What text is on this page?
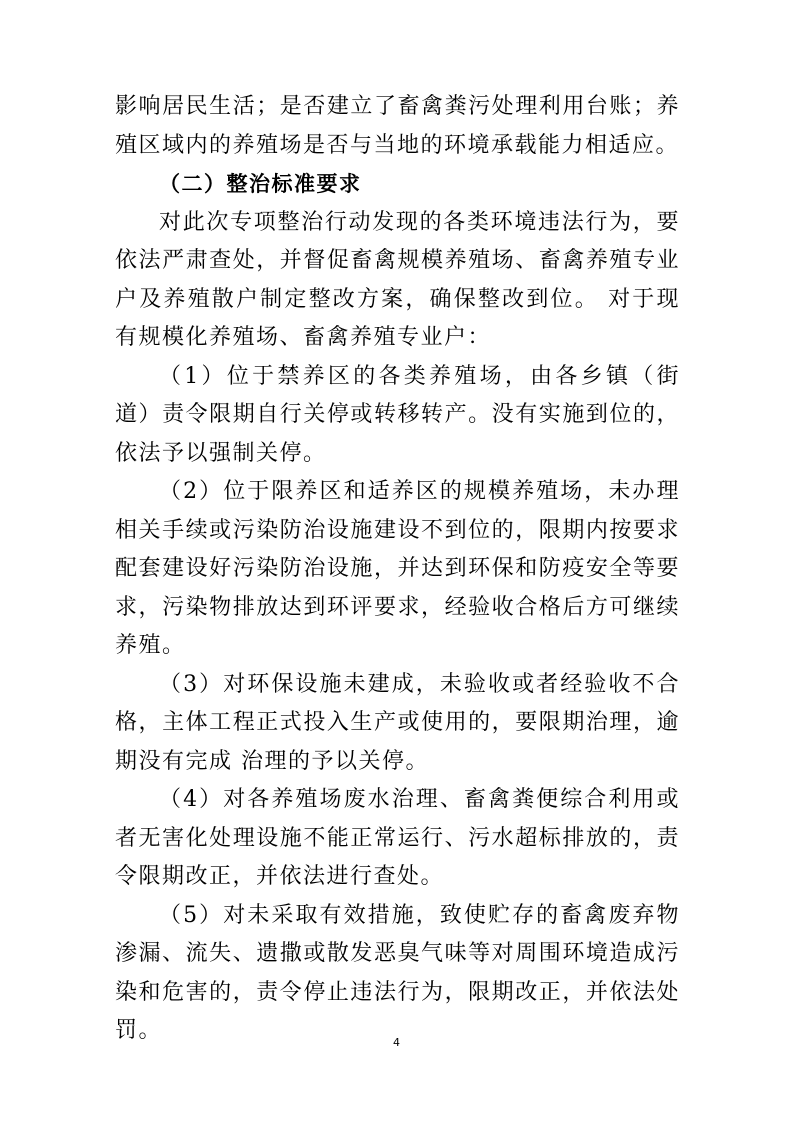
影响居民生活；是否建立了畜禽粪污处理利用台账；养殖区域内的养殖场是否与当地的环境承载能力相适应。

（二）整治标准要求

对此次专项整治行动发现的各类环境违法行为，要依法严肃查处，并督促畜禽规模养殖场、畜禽养殖专业户及养殖散户制定整改方案，确保整改到位。 对于现有规模化养殖场、畜禽养殖专业户：

（1）位于禁养区的各类养殖场，由各乡镇（街道）责令限期自行关停或转移转产。没有实施到位的，依法予以强制关停。

（2）位于限养区和适养区的规模养殖场，未办理相关手续或污染防治设施建设不到位的，限期内按要求配套建设好污染防治设施，并达到环保和防疫安全等要求，污染物排放达到环评要求，经验收合格后方可继续养殖。

（3）对环保设施未建成，未验收或者经验收不合格，主体工程正式投入生产或使用的，要限期治理，逾期没有完成 治理的予以关停。

（4）对各养殖场废水治理、畜禽粪便综合利用或者无害化处理设施不能正常运行、污水超标排放的，责令限期改正，并依法进行查处。

（5）对未采取有效措施，致使贮存的畜禽废弃物渗漏、流失、遗撒或散发恶臭气味等对周围环境造成污染和危害的，责令停止违法行为，限期改正，并依法处罚。	4
